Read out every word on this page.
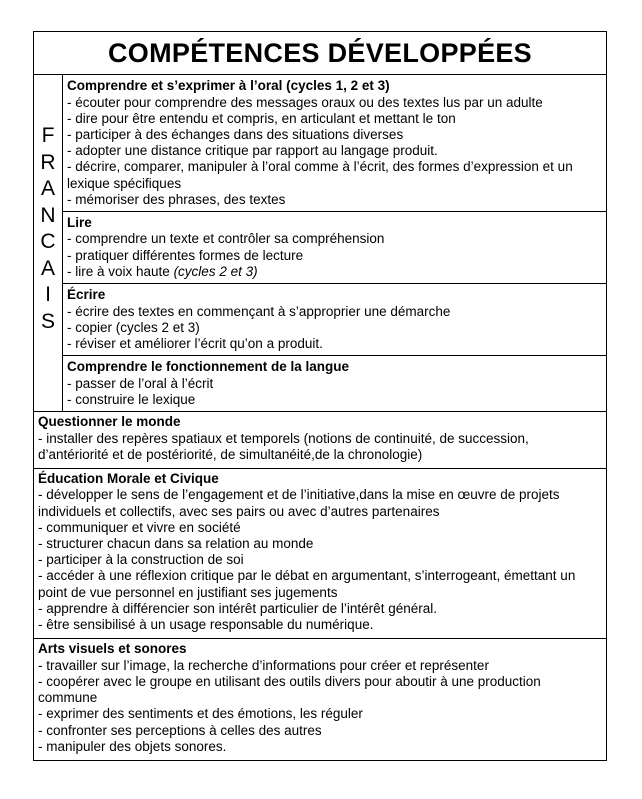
COMPÉTENCES DÉVELOPPÉES
F
R
A
N
C
A
I
S
Comprendre et s’exprimer à l’oral (cycles 1, 2 et 3)
- écouter pour comprendre des messages oraux ou des textes lus par un adulte
- dire pour être entendu et compris, en articulant et mettant le ton
- participer à des échanges dans des situations diverses
- adopter une distance critique par rapport au langage produit.
- décrire, comparer, manipuler à l’oral comme à l’écrit, des formes d’expression et un lexique spécifiques
- mémoriser des phrases, des textes
Lire
- comprendre un texte et contrôler sa compréhension
- pratiquer différentes formes de lecture
- lire à voix haute (cycles 2 et 3)
Écrire
- écrire des textes en commençant à s’approprier une démarche
- copier (cycles 2 et 3)
- réviser et améliorer l’écrit qu’on a produit.
Comprendre le fonctionnement de la langue
- passer de l’oral à l’écrit
- construire le lexique
Questionner le monde
- installer des repères spatiaux et temporels (notions de continuité, de succession, d’antériorité et de postériorité, de simultanéité,de la chronologie)
Éducation Morale et Civique
- développer le sens de l’engagement et de l’initiative,dans la mise en œuvre de projets individuels et collectifs, avec ses pairs ou avec d’autres partenaires
- communiquer et vivre en société
- structurer chacun dans sa relation au monde
- participer à la construction de soi
- accéder à une réflexion critique par le débat en argumentant, s’interrogeant, émettant un point de vue personnel en justifiant ses jugements
- apprendre à différencier son intérêt particulier de l’intérêt général.
- être sensibilisé à un usage responsable du numérique.
Arts visuels et sonores
- travailler sur l’image, la recherche d’informations pour créer et représenter
- coopérer avec le groupe en utilisant des outils divers pour aboutir à une production commune
- exprimer des sentiments et des émotions, les réguler
- confronter ses perceptions à celles des autres
- manipuler des objets sonores.
